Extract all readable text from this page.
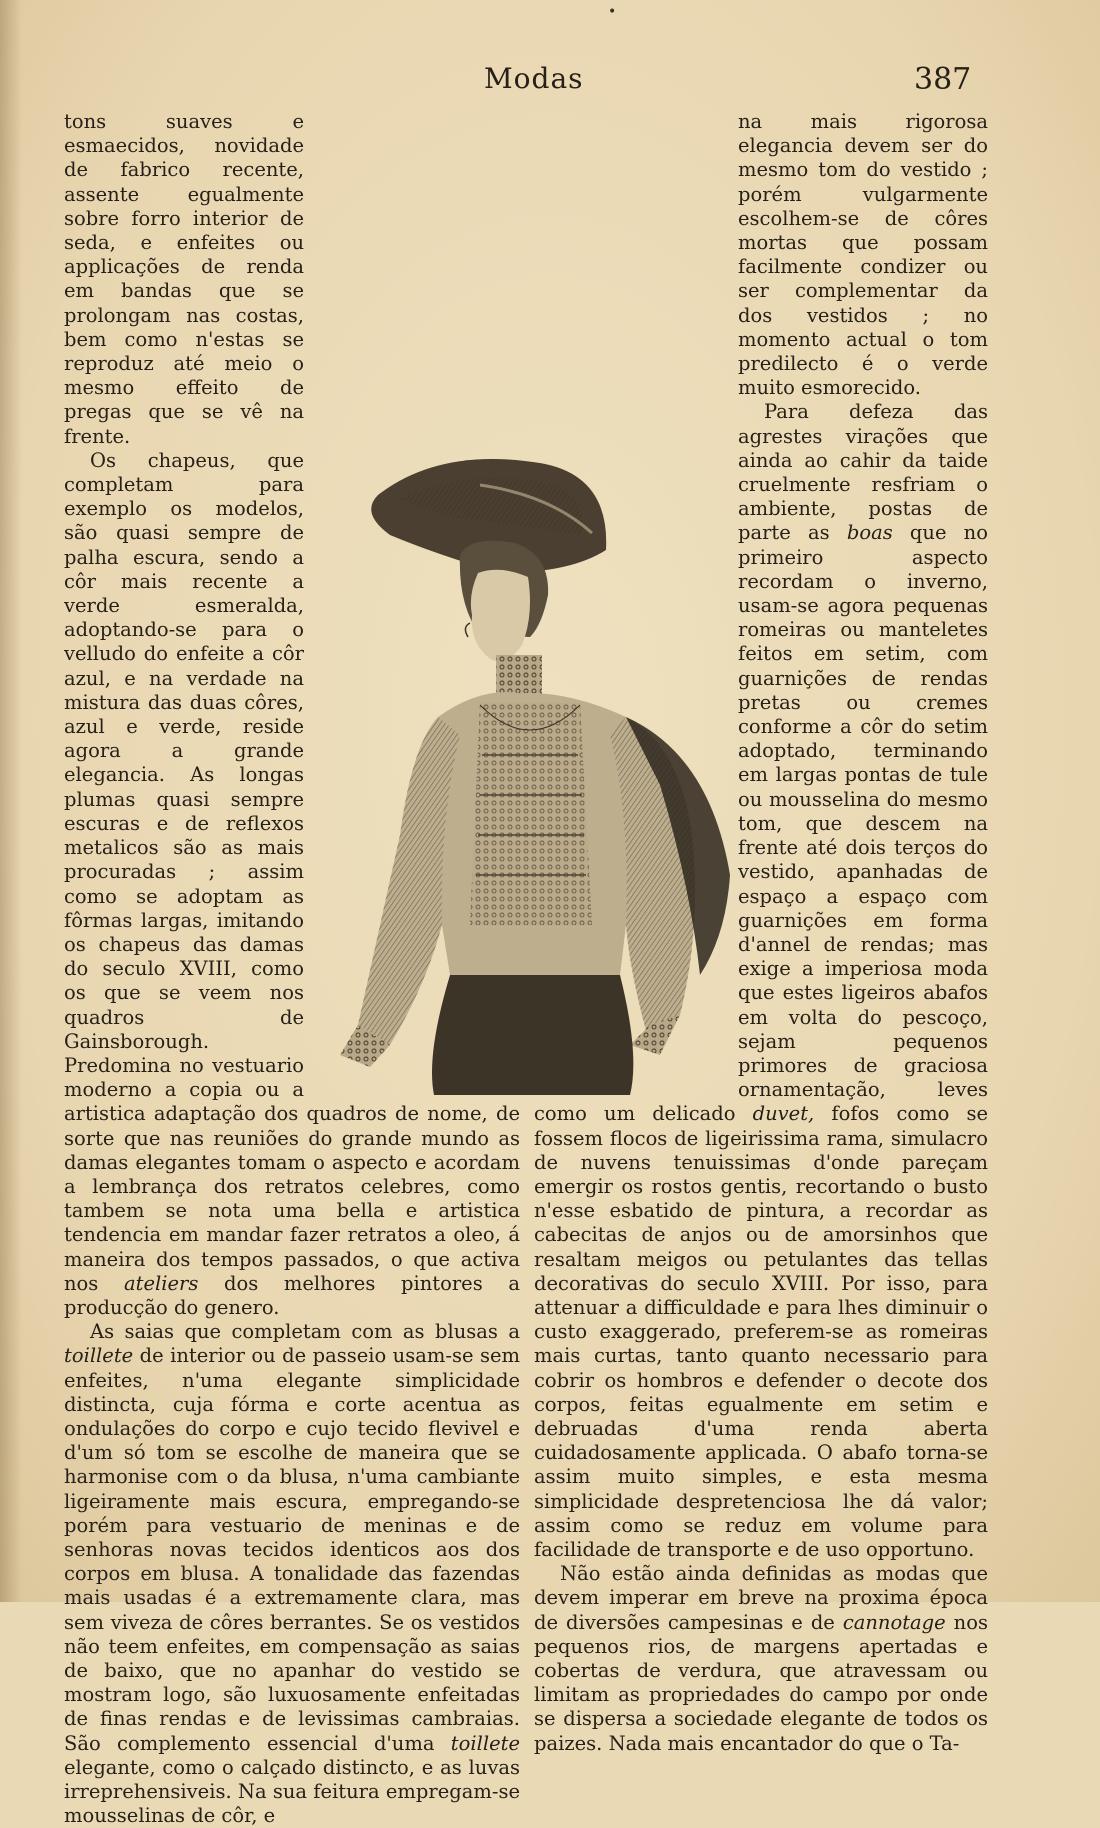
•
Modas	387

tons suaves e esmaecidos, novidade de fabrico recente, assente egualmente sobre forro interior de seda, e enfeites ou applicações de renda em bandas que se prolongam nas costas, bem como n'estas se reproduz até meio o mesmo effeito de pregas que se vê na frente.

Os chapeus, que completam para exemplo os modelos, são quasi sempre de palha escura, sendo a côr mais recente a verde esmeralda, adoptando-se para o velludo do enfeite a côr azul, e na verdade na mistura das duas côres, azul e verde, reside agora a grande elegancia. As longas plumas quasi sempre escuras e de reflexos metalicos são as mais procuradas ; assim como se adoptam as fôrmas largas, imitando os chapeus das damas do seculo XVIII, como os que se veem nos quadros de Gainsborough. Predomina no vestuario moderno a copia ou a artistica adaptação dos quadros de nome, de sorte que nas reuniões do grande mundo as damas elegantes tomam o aspecto e acordam a lembrança dos retratos celebres, como tambem se nota uma bella e artistica tendencia em mandar fazer retratos a oleo, á maneira dos tempos passados, o que activa nos ateliers dos melhores pintores a producção do genero.

As saias que completam com as blusas a toillete de interior ou de passeio usam-se sem enfeites, n'uma elegante simplicidade distincta, cuja fórma e corte acentua as ondulações do corpo e cujo tecido flevivel e d'um só tom se escolhe de maneira que se harmonise com o da blusa, n'uma cambiante ligeiramente mais escura, empregando-se porém para vestuario de meninas e de senhoras novas tecidos identicos aos dos corpos em blusa. A tonalidade das fazendas mais usadas é a extremamente clara, mas sem viveza de côres berrantes. Se os vestidos não teem enfeites, em compensação as saias de baixo, que no apanhar do vestido se mostram logo, são luxuosamente enfeitadas de finas rendas e de levissimas cambraias. São complemento essencial d'uma toillete elegante, como o calçado distincto, e as luvas irreprehensiveis. Na sua feitura empregam-se mousselinas de côr, e

na mais rigorosa elegancia devem ser do mesmo tom do vestido ; porém vulgarmente escolhem-se de côres mortas que possam facilmente condizer ou ser complementar da dos vestidos ; no momento actual o tom predilecto é o verde muito esmorecido.

Para defeza das agrestes virações que ainda ao cahir da taide cruelmente resfriam o ambiente, postas de parte as boas que no primeiro aspecto recordam o inverno, usam-se agora pequenas romeiras ou manteletes feitos em setim, com guarnições de rendas pretas ou cremes conforme a côr do setim adoptado, terminando em largas pontas de tule ou mousselina do mesmo tom, que descem na frente até dois terços do vestido, apanhadas de espaço a espaço com guarnições em forma d'annel de rendas; mas exige a imperiosa moda que estes ligeiros abafos em volta do pescoço, sejam pequenos primores de graciosa ornamentação, leves como um delicado duvet, fofos como se fossem flocos de ligeirissima rama, simulacro de nuvens tenuissimas d'onde pareçam emergir os rostos gentis, recortando o busto n'esse esbatido de pintura, a recordar as cabecitas de anjos ou de amorsinhos que resaltam meigos ou petulantes das tellas decorativas do seculo XVIII. Por isso, para attenuar a difficuldade e para lhes diminuir o custo exaggerado, preferem-se as romeiras mais curtas, tanto quanto necessario para cobrir os hombros e defender o decote dos corpos, feitas egualmente em setim e debruadas d'uma renda aberta cuidadosamente applicada. O abafo torna-se assim muito simples, e esta mesma simplicidade despretenciosa lhe dá valor; assim como se reduz em volume para facilidade de transporte e de uso opportuno.

Não estão ainda definidas as modas que devem imperar em breve na proxima época de diversões campesinas e de cannotage nos pequenos rios, de margens apertadas e cobertas de verdura, que atravessam ou limitam as propriedades do campo por onde se dispersa a sociedade elegante de todos os paizes. Nada mais encantador do que o Ta-
